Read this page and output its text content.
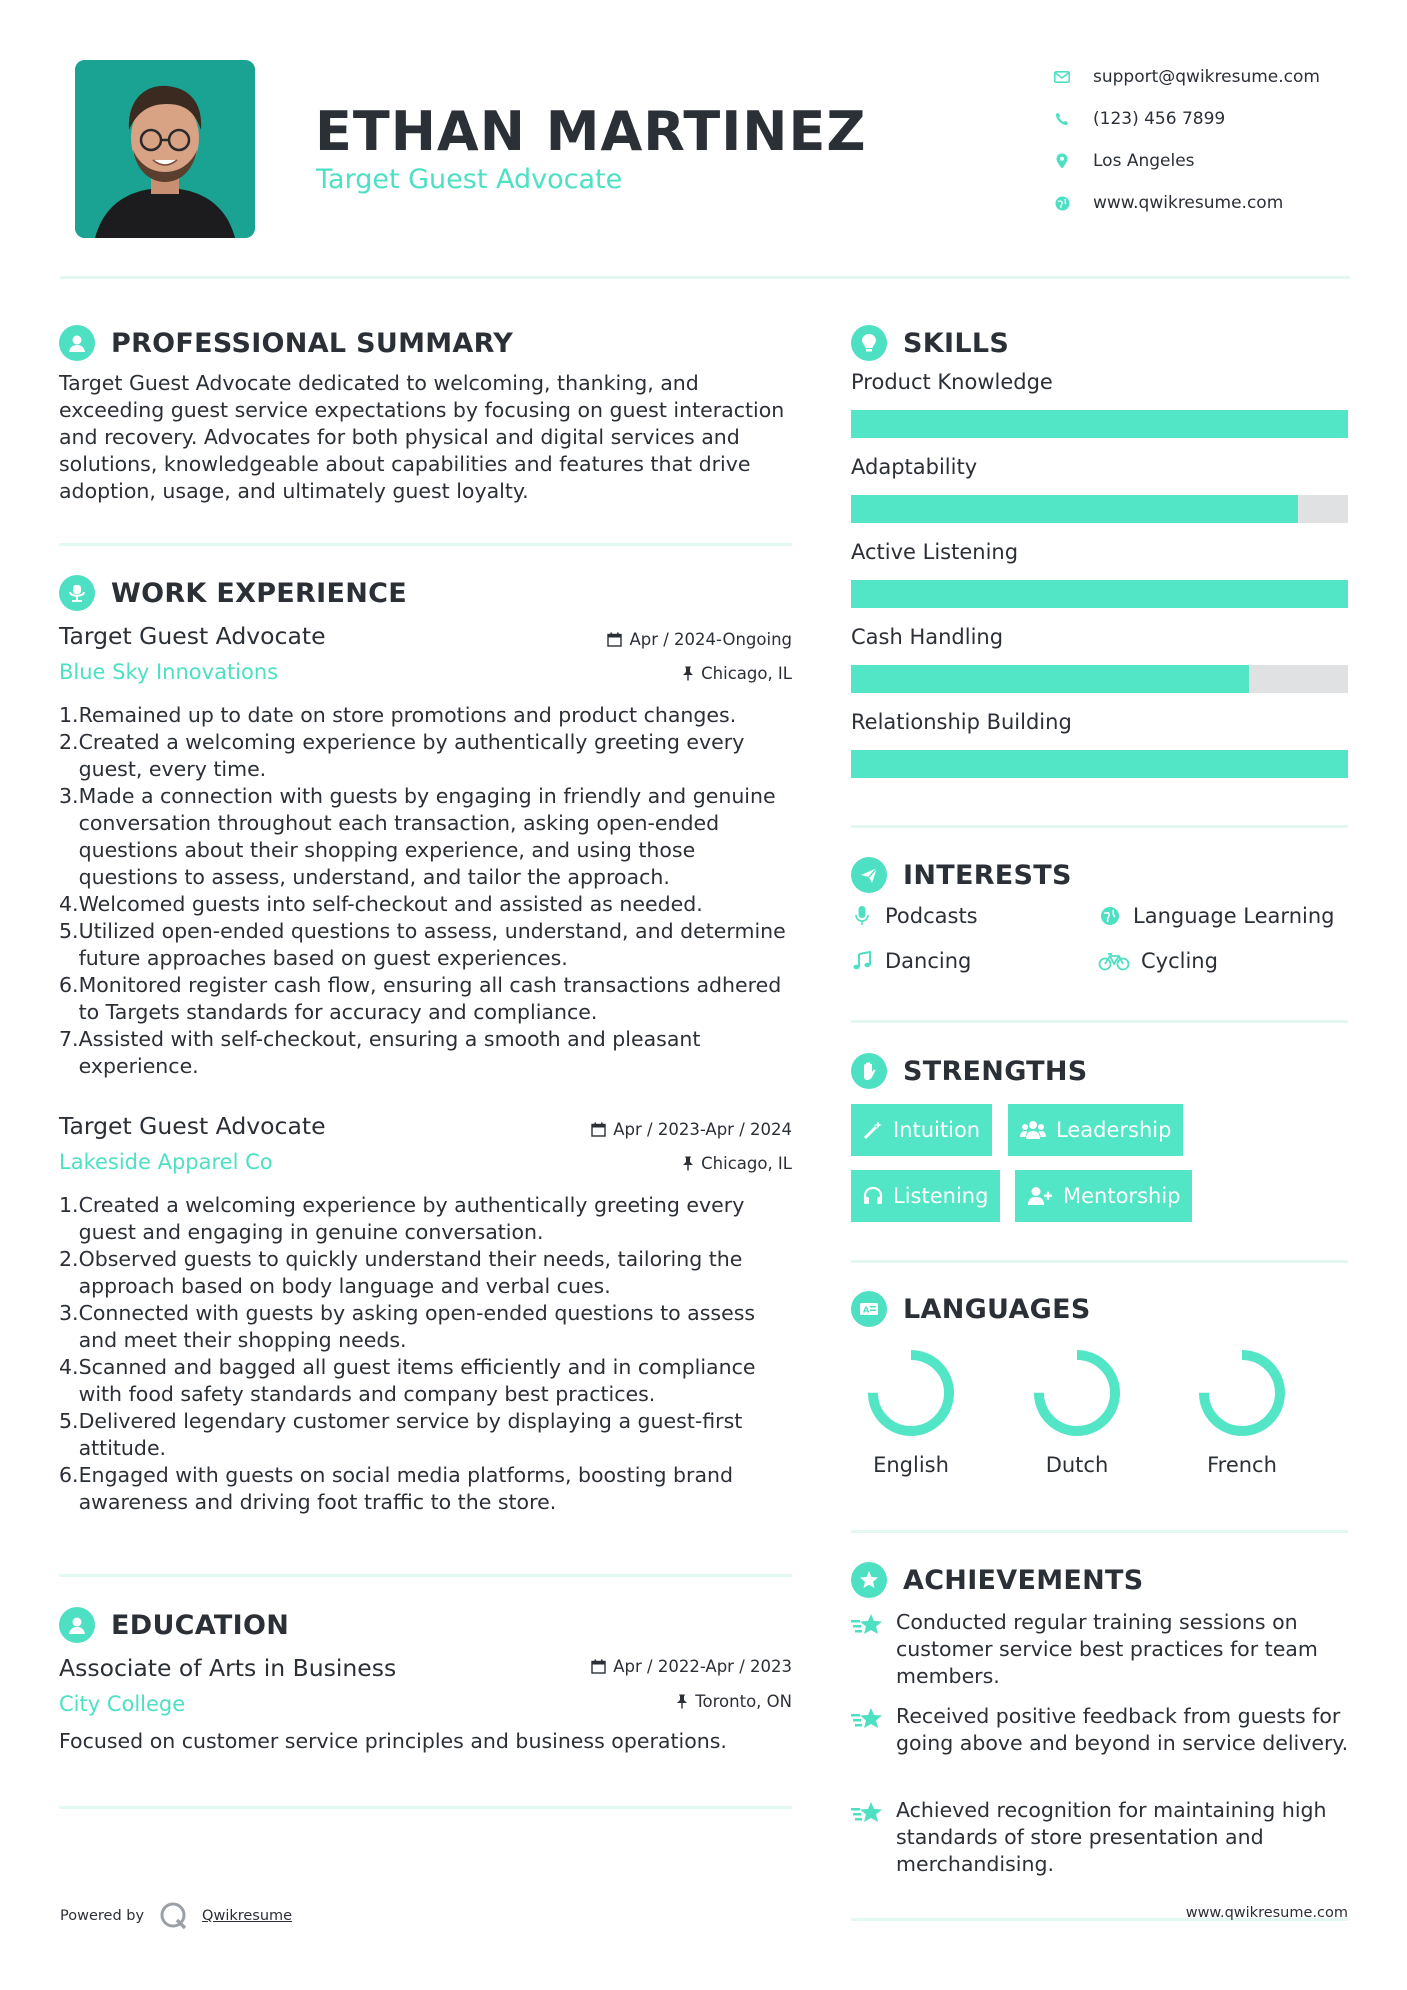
ETHAN MARTINEZ
Target Guest Advocate
support@qwikresume.com
(123) 456 7899
Los Angeles
www.qwikresume.com
PROFESSIONAL SUMMARY
Target Guest Advocate dedicated to welcoming, thanking, and exceeding guest service expectations by focusing on guest interaction and recovery. Advocates for both physical and digital services and solutions, knowledgeable about capabilities and features that drive adoption, usage, and ultimately guest loyalty.
WORK EXPERIENCE
Target Guest Advocate
Blue Sky Innovations
Apr / 2024-Ongoing
Chicago, IL
1. Remained up to date on store promotions and product changes.
2. Created a welcoming experience by authentically greeting every guest, every time.
3. Made a connection with guests by engaging in friendly and genuine conversation throughout each transaction, asking open-ended questions about their shopping experience, and using those questions to assess, understand, and tailor the approach.
4. Welcomed guests into self-checkout and assisted as needed.
5. Utilized open-ended questions to assess, understand, and determine future approaches based on guest experiences.
6. Monitored register cash flow, ensuring all cash transactions adhered to Targets standards for accuracy and compliance.
7. Assisted with self-checkout, ensuring a smooth and pleasant experience.
Target Guest Advocate
Lakeside Apparel Co
Apr / 2023-Apr / 2024
Chicago, IL
1. Created a welcoming experience by authentically greeting every guest and engaging in genuine conversation.
2. Observed guests to quickly understand their needs, tailoring the approach based on body language and verbal cues.
3. Connected with guests by asking open-ended questions to assess and meet their shopping needs.
4. Scanned and bagged all guest items efficiently and in compliance with food safety standards and company best practices.
5. Delivered legendary customer service by displaying a guest-first attitude.
6. Engaged with guests on social media platforms, boosting brand awareness and driving foot traffic to the store.
EDUCATION
Associate of Arts in Business
City College
Apr / 2022-Apr / 2023
Toronto, ON
Focused on customer service principles and business operations.
SKILLS
Product Knowledge
Adaptability
Active Listening
Cash Handling
Relationship Building
INTERESTS
Podcasts	Language Learning
Dancing	Cycling
STRENGTHS
Intuition	Leadership
Listening	Mentorship
A LANGUAGES
English	Dutch	French
ACHIEVEMENTS
Conducted regular training sessions on customer service best practices for team members.
Received positive feedback from guests for going above and beyond in service delivery.
Achieved recognition for maintaining high standards of store presentation and merchandising.
Powered by	Qwikresume	www.qwikresume.com
